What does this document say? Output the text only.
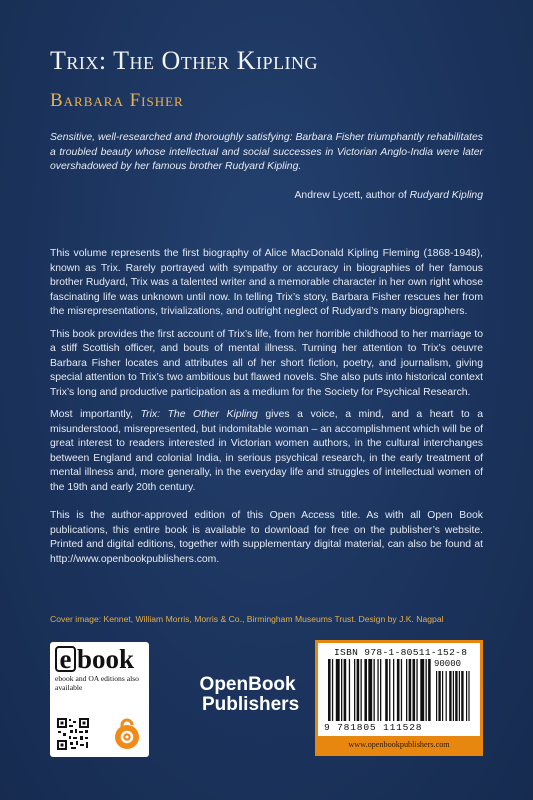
Trix: The Other Kipling
Barbara Fisher
Sensitive, well-researched and thoroughly satisfying: Barbara Fisher triumphantly rehabilitates a troubled beauty whose intellectual and social successes in Victorian Anglo-India were later overshadowed by her famous brother Rudyard Kipling.
Andrew Lycett, author of Rudyard Kipling

This volume represents the first biography of Alice MacDonald Kipling Fleming (1868-1948), known as Trix. Rarely portrayed with sympathy or accuracy in biographies of her famous brother Rudyard, Trix was a talented writer and a memorable character in her own right whose fascinating life was unknown until now. In telling Trix’s story, Barbara Fisher rescues her from the misrepresentations, trivializations, and outright neglect of Rudyard’s many biographers.

This book provides the first account of Trix’s life, from her horrible childhood to her marriage to a stiff Scottish officer, and bouts of mental illness. Turning her attention to Trix’s oeuvre Barbara Fisher locates and attributes all of her short fiction, poetry, and journalism, giving special attention to Trix’s two ambitious but flawed novels. She also puts into historical context Trix’s long and productive participation as a medium for the Society for Psychical Research.

Most importantly, Trix: The Other Kipling gives a voice, a mind, and a heart to a misunderstood, misrepresented, but indomitable woman – an accomplishment which will be of great interest to readers interested in Victorian women authors, in the cultural interchanges between England and colonial India, in serious psychical research, in the early treatment of mental illness and, more generally, in the everyday life and struggles of intellectual women of the 19th and early 20th century.

This is the author-approved edition of this Open Access title. As with all Open Book publications, this entire book is available to download for free on the publisher’s website. Printed and digital editions, together with supplementary digital material, can also be found at http://www.openbookpublishers.com.

Cover image: Kennet, William Morris, Morris & Co., Birmingham Museums Trust. Design by J.K. Nagpal
e book
ebook and OA editions also available	OpenBook
Publishers
ISBN 978-1-80511-152-8
90000
9 781805 111528
www.openbookpublishers.com
